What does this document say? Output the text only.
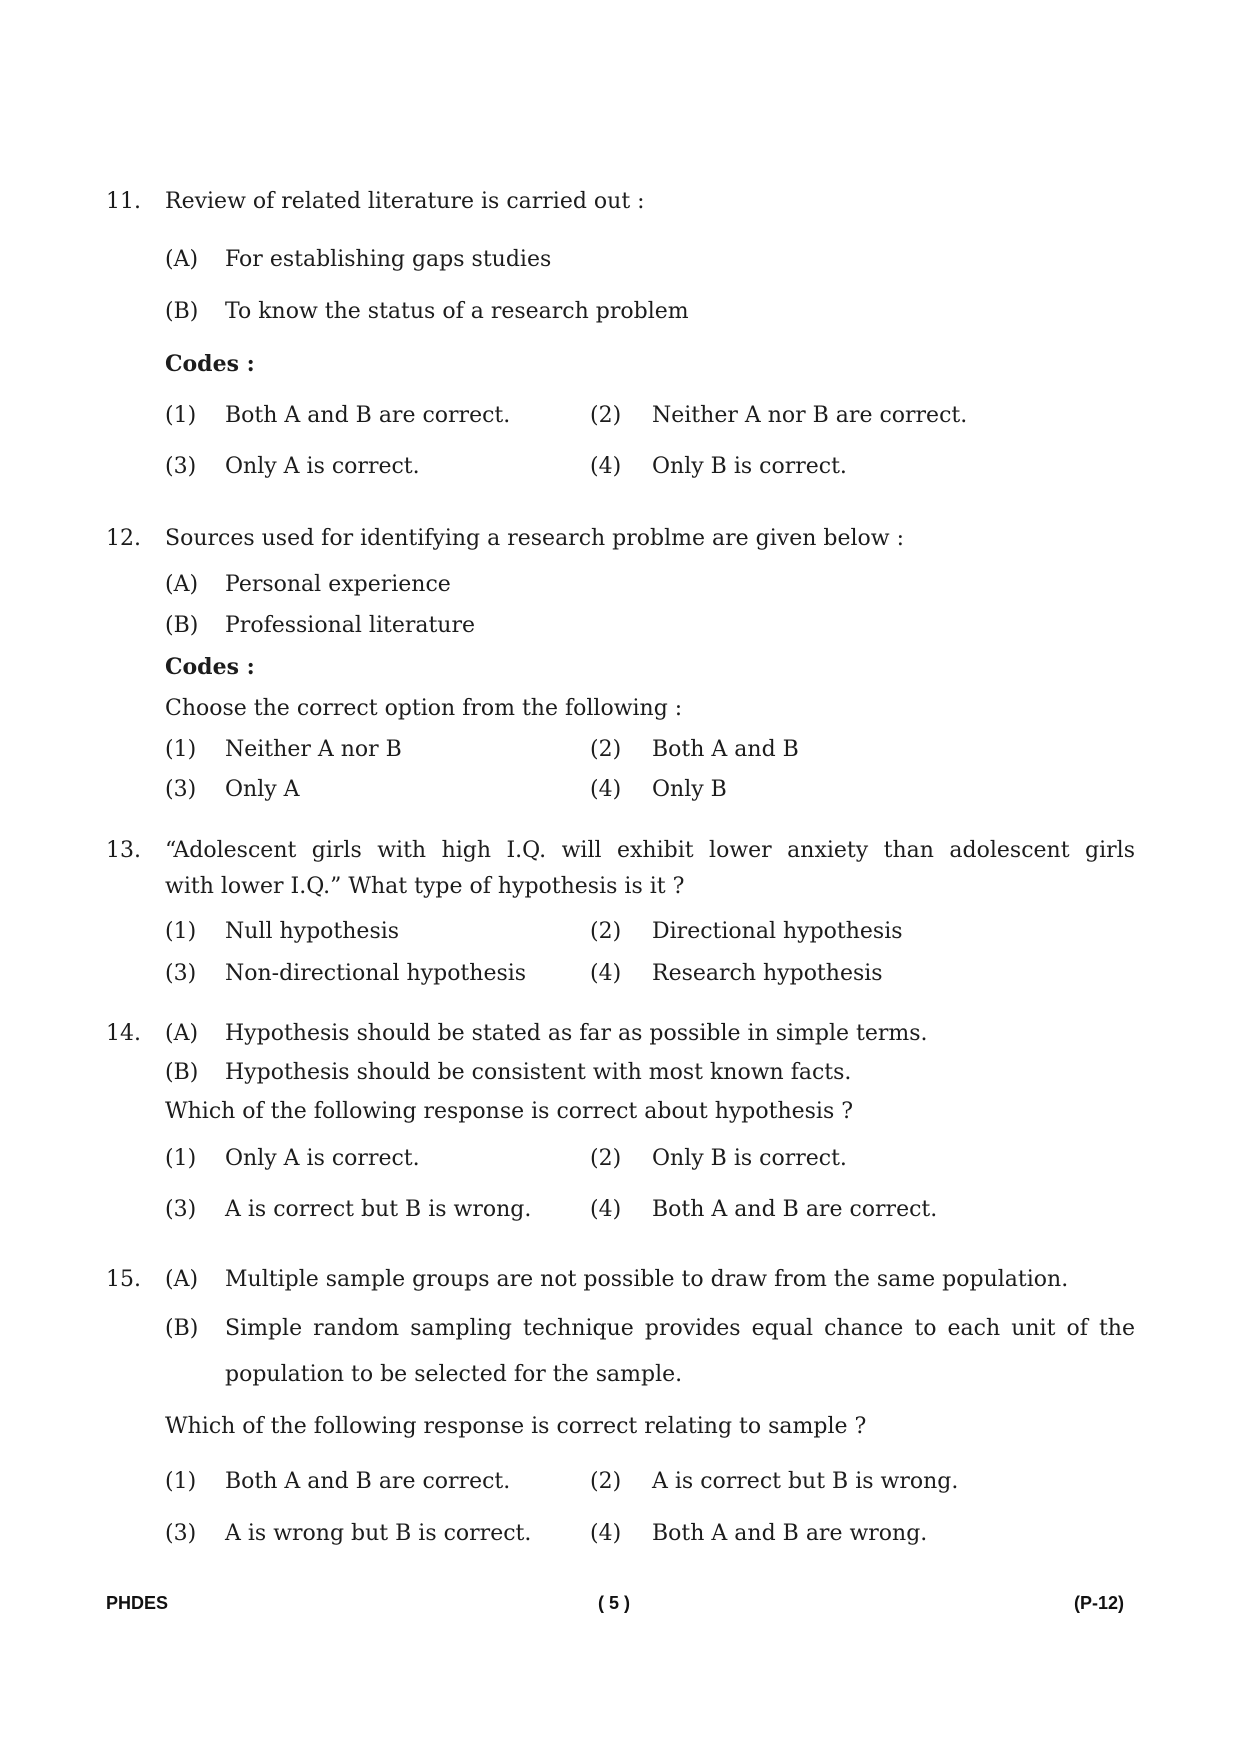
11. Review of related literature is carried out :
(A) For establishing gaps studies
(B) To know the status of a research problem
Codes :
(1) Both A and B are correct.	(2) Neither A nor B are correct.
(3) Only A is correct.	(4) Only B is correct.
12. Sources used for identifying a research problme are given below :
(A) Personal experience
(B) Professional literature
Codes :
Choose the correct option from the following :
(1) Neither A nor B	(2) Both A and B
(3) Only A	(4) Only B
13. “Adolescent girls with high I.Q. will exhibit lower anxiety than adolescent girls
with lower I.Q.” What type of hypothesis is it ?
(1) Null hypothesis	(2) Directional hypothesis
(3) Non-directional hypothesis	(4) Research hypothesis
14. (A) Hypothesis should be stated as far as possible in simple terms.
(B) Hypothesis should be consistent with most known facts.
Which of the following response is correct about hypothesis ?
(1) Only A is correct.	(2) Only B is correct.
(3) A is correct but B is wrong.	(4) Both A and B are correct.
15. (A) Multiple sample groups are not possible to draw from the same population.
(B) Simple random sampling technique provides equal chance to each unit of the
population to be selected for the sample.
Which of the following response is correct relating to sample ?
(1) Both A and B are correct.	(2) A is correct but B is wrong.
(3) A is wrong but B is correct.	(4) Both A and B are wrong.
PHDES	( 5 )	(P-12)
